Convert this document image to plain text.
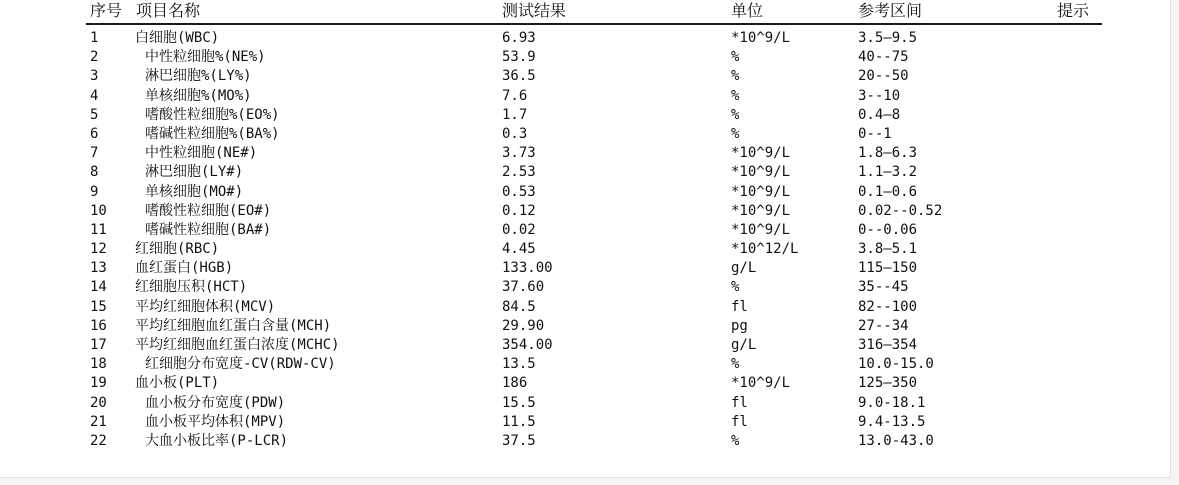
序号 项目名称	测试结果	单位	参考区间	提示
1	白细胞(WBC)	6.93	*10^9/L	3.5—9.5
2	中性粒细胞%(NE%)	53.9	%	40--75
3	淋巴细胞%(LY%)	36.5	%	20--50
4	单核细胞%(MO%)	7.6	%	3--10
5	嗜酸性粒细胞%(EO%)	1.7	%	0.4—8
6	嗜碱性粒细胞%(BA%)	0.3	%	0--1
7	中性粒细胞(NE#)	3.73	*10^9/L	1.8—6.3
8	淋巴细胞(LY#)	2.53	*10^9/L	1.1—3.2
9	单核细胞(MO#)	0.53	*10^9/L	0.1—0.6
10	嗜酸性粒细胞(EO#)	0.12	*10^9/L	0.02--0.52
11	嗜碱性粒细胞(BA#)	0.02	*10^9/L	0--0.06
12 红细胞(RBC)	4.45	*10^12/L	3.8—5.1
13 血红蛋白(HGB)	133.00	g/L	115—150
14 红细胞压积(HCT)	37.60	%	35--45
15 平均红细胞体积(MCV)	84.5	fl	82--100
16 平均红细胞血红蛋白含量(MCH)	29.90	pg	27--34
17 平均红细胞血红蛋白浓度(MCHC)	354.00	g/L	316—354
18	红细胞分布宽度-CV(RDW-CV)	13.5	%	10.0-15.0
19 血小板(PLT)	186	*10^9/L	125—350
20	血小板分布宽度(PDW)	15.5	fl	9.0-18.1
21	血小板平均体积(MPV)	11.5	fl	9.4-13.5
22	大血小板比率(P-LCR)	37.5	%	13.0-43.0
